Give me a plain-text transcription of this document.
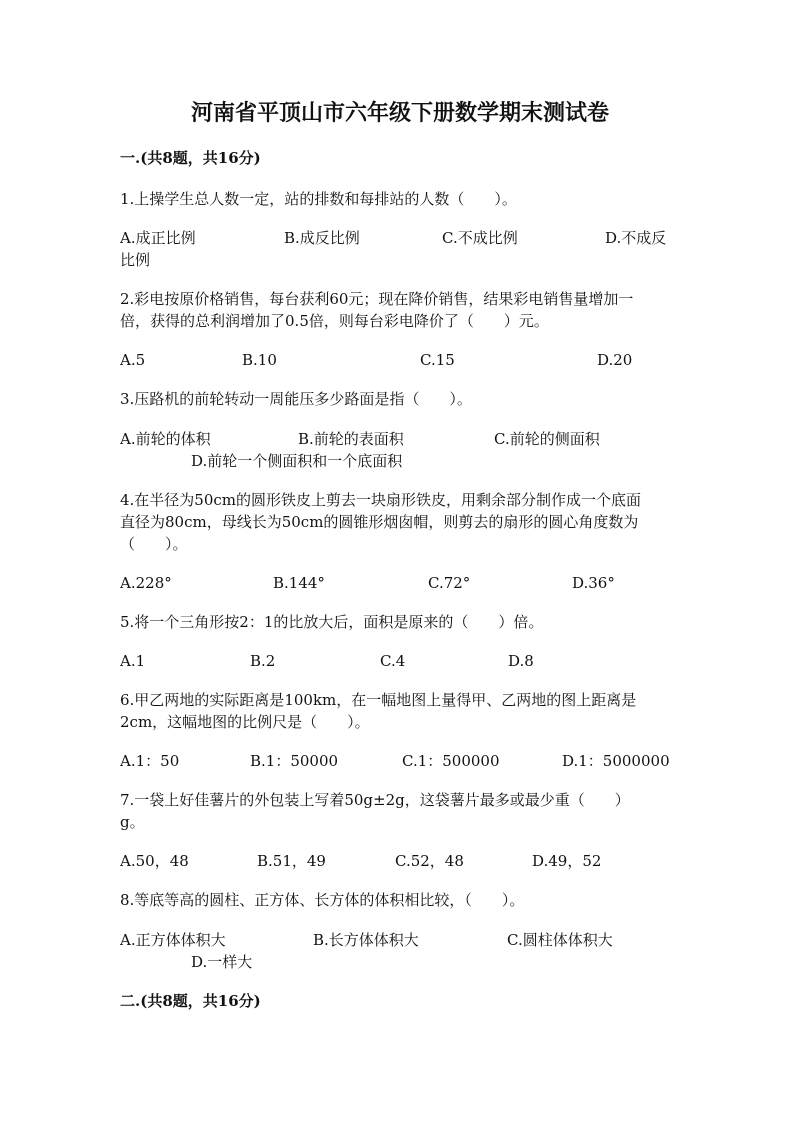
河南省平顶山市六年级下册数学期末测试卷
一.(共8题，共16分)
1.上操学生总人数一定，站的排数和每排站的人数（　　）。
A.成正比例	B.成反比例	C.不成比例	D.不成反
比例
2.彩电按原价格销售，每台获利60元；现在降价销售，结果彩电销售量增加一
倍，获得的总利润增加了0.5倍，则每台彩电降价了（　　）元。
A.5	B.10	C.15	D.20
3.压路机的前轮转动一周能压多少路面是指（　　）。
A.前轮的体积	B.前轮的表面积	C.前轮的侧面积
D.前轮一个侧面积和一个底面积
4.在半径为50cm的圆形铁皮上剪去一块扇形铁皮，用剩余部分制作成一个底面
直径为80cm，母线长为50cm的圆锥形烟囱帽，则剪去的扇形的圆心角度数为
（　　）。
A.228°	B.144°	C.72°	D.36°
5.将一个三角形按2：1的比放大后，面积是原来的（　　）倍。
A.1	B.2	C.4	D.8
6.甲乙两地的实际距离是100km，在一幅地图上量得甲、乙两地的图上距离是
2cm，这幅地图的比例尺是（　　）。
A.1：50	B.1：50000	C.1：500000	D.1：5000000
7.一袋上好佳薯片的外包装上写着50g±2g，这袋薯片最多或最少重（　　）
g。
A.50，48	B.51，49	C.52，48	D.49，52
8.等底等高的圆柱、正方体、长方体的体积相比较，（　　）。
A.正方体体积大	B.长方体体积大	C.圆柱体体积大
D.一样大
二.(共8题，共16分)
